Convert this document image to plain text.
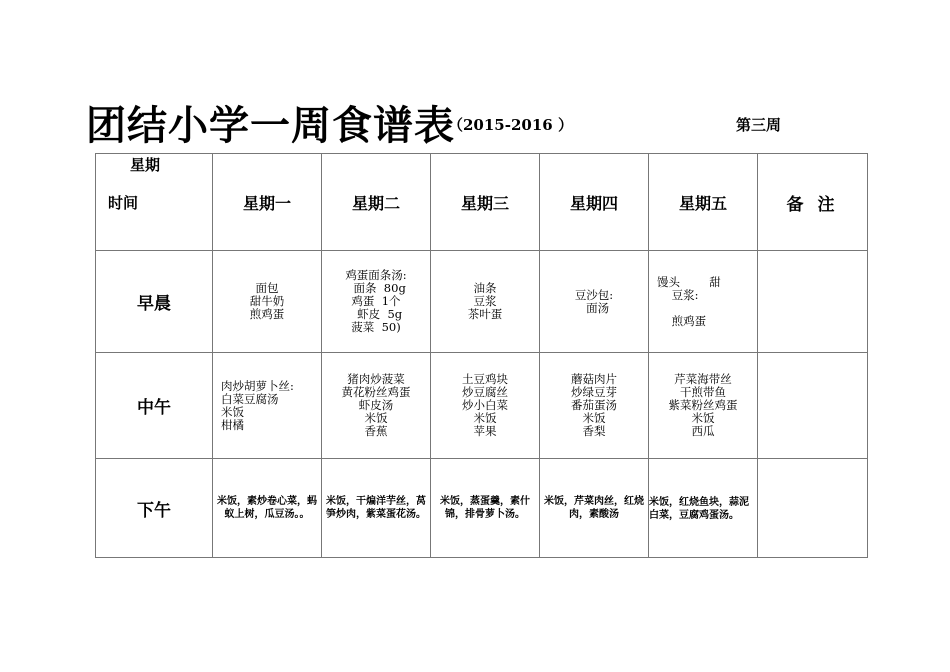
团结小学一周食谱表
（2015-2016 ）	第三周
星期
时间	星期一	星期二	星期三	星期四	星期五	备 注
早晨	面包
甜牛奶
煎鸡蛋	鸡蛋面条汤:
面条  80g
鸡蛋  1个
虾皮  5g
菠菜  50)	油条
豆浆
茶叶蛋	豆沙包:
面汤	馒头        甜
豆浆:

煎鸡蛋	
中午	肉炒胡萝卜丝:
白菜豆腐汤
米饭
柑橘	猪肉炒菠菜
黄花粉丝鸡蛋
虾皮汤
米饭
香蕉	土豆鸡块
炒豆腐丝
炒小白菜
米饭
苹果	蘑菇肉片
炒绿豆芽
番茄蛋汤
米饭
香梨	芹菜海带丝
干煎带鱼
紫菜粉丝鸡蛋
米饭
西瓜	
下午	米饭，素炒卷心菜，蚂蚁上树，瓜豆汤。。	米饭，干煸洋芋丝，莴笋炒肉，紫菜蛋花汤。	米饭，蒸蛋羹，素什锦，排骨萝卜汤。	米饭，芹菜肉丝，红烧肉，素酸汤	米饭，红烧鱼块，蒜泥白菜，豆腐鸡蛋汤。	
